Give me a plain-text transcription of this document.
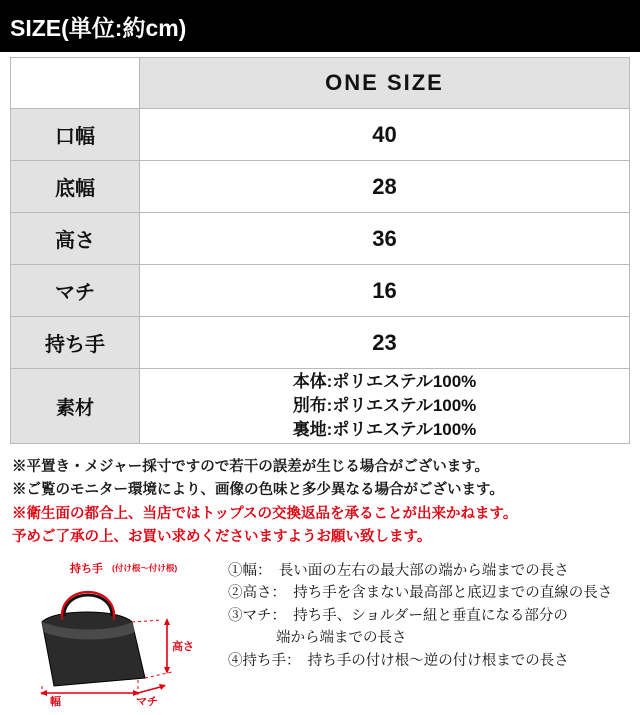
SIZE(単位:約cm)
	ONE SIZE
口幅	40
底幅	28
高さ	36
マチ	16
持ち手	23
素材	本体:ポリエステル100%
別布:ポリエステル100%
裏地:ポリエステル100%
※平置き・メジャー採寸ですので若干の誤差が生じる場合がございます。
※ご覧のモニター環境により、画像の色味と多少異なる場合がございます。
※衛生面の都合上、当店ではトップスの交換返品を承ることが出来かねます。
予めご了承の上、お買い求めくださいますようお願い致します。
持ち手 (付け根～付け根)
高さ
幅	マチ
①幅：　長い面の左右の最大部の端から端までの長さ
②高さ：　持ち手を含まない最高部と底辺までの直線の長さ
③マチ：　持ち手、ショルダー紐と垂直になる部分の
端から端までの長さ
④持ち手：　持ち手の付け根～逆の付け根までの長さ
